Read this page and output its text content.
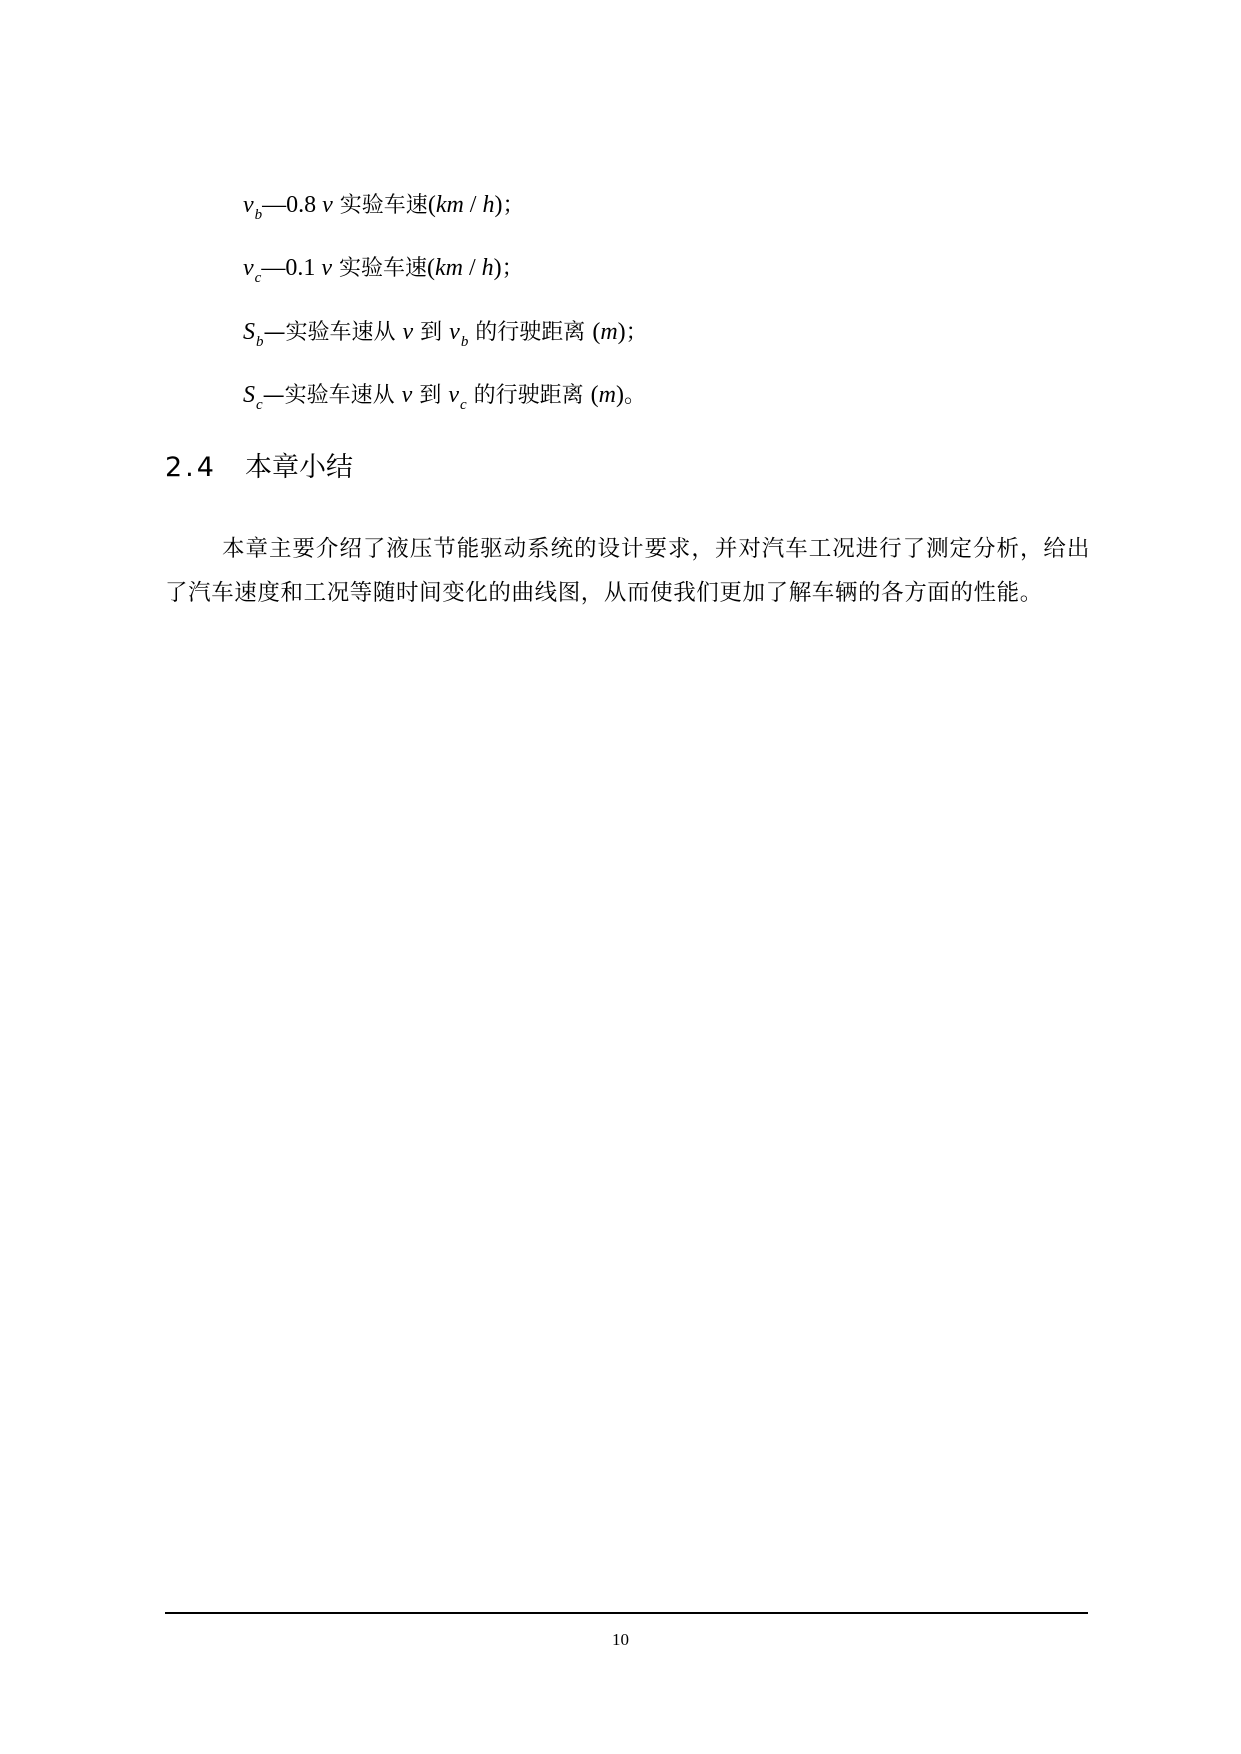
$v_b—0.8$ v 实验车速(km / h)；
$v_c—0.1$ v 实验车速(km / h)；
$S_b—$实验车速从 v 到 $v_b$ 的行驶距离 (m)；
$S_c—$实验车速从 v 到 $v_c$ 的行驶距离 (m)。
2.4 本章小结

本章主要介绍了液压节能驱动系统的设计要求，并对汽车工况进行了测定分析，给出了汽车速度和工况等随时间变化的曲线图，从而使我们更加了解车辆的各方面的性能。

10
